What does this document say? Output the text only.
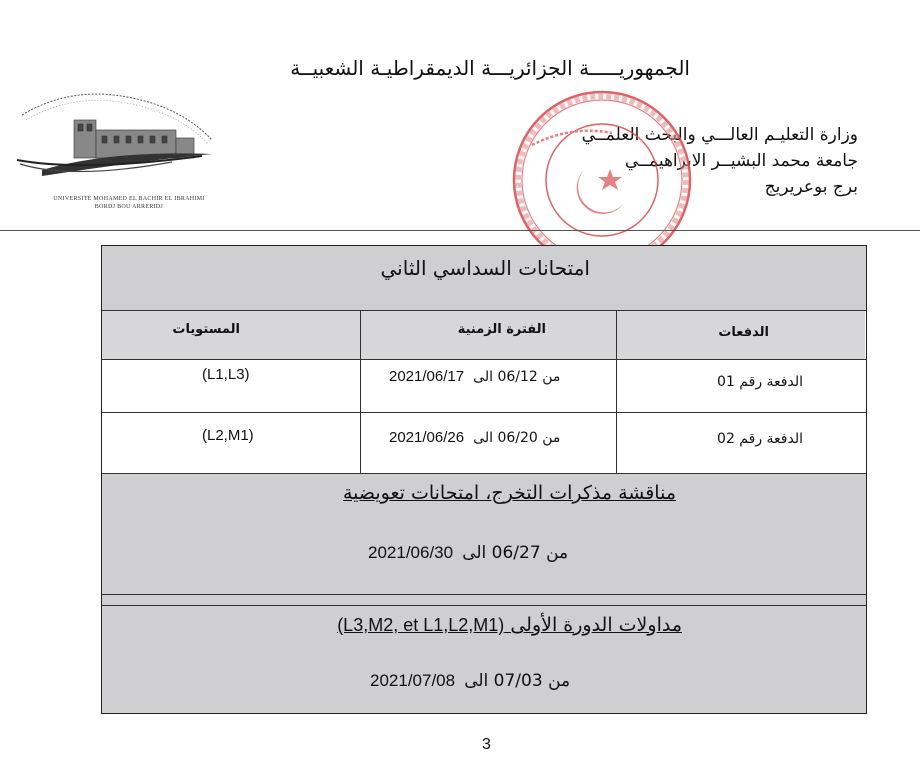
الجمهوريـــــة الجزائريـــة الديمقراطيـة الشعبيــة
وزارة التعليـم العالـــي والبحث العلمــي
جامعة محمد البشيــر الابراهيمــي
برج بوعريريج
UNIVERSITE MOHAMED EL BACHIR EL IBRAHIMI
BORDJ BOU ARRERIDJ
امتحانات السداسي الثاني
المستويات	الفترة الزمنية	الدفعات
(L1,L3)	2021/06/17 من 06/12 الى	الدفعة رقم 01
(L2,M1)	2021/06/26 من 06/20 الى	الدفعة رقم 02
مناقشة مذكرات التخرج، امتحانات تعويضية
2021/06/30 من 06/27 الى
(L3,M2, et L1,L2,M1) مداولات الدورة الأولى
2021/07/08 من 07/03 الى
3
